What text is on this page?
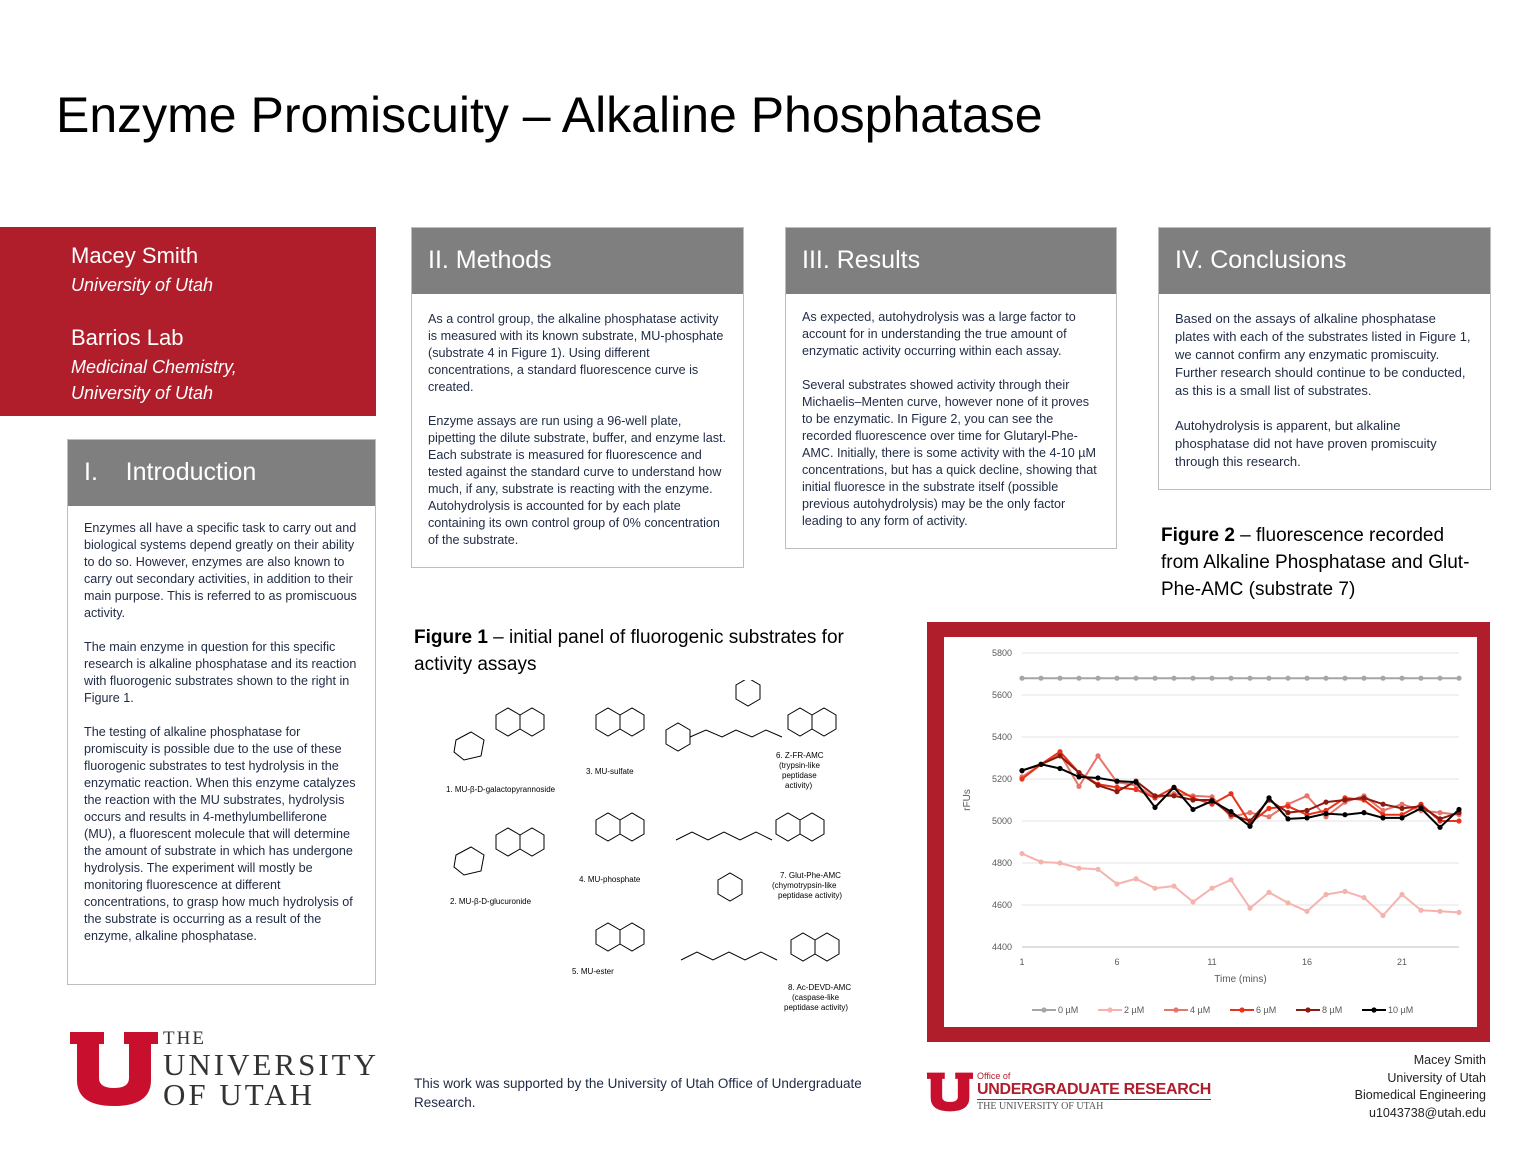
Enzyme Promiscuity – Alkaline Phosphatase
Macey Smith
University of Utah
Barrios Lab
Medicinal Chemistry,
University of Utah
I.    Introduction

Enzymes all have a specific task to carry out and biological systems depend greatly on their ability to do so. However, enzymes are also known to carry out secondary activities, in addition to their main purpose. This is referred to as promiscuous activity.

The main enzyme in question for this specific research is alkaline phosphatase and its reaction with fluorogenic substrates shown to the right in Figure 1.

The testing of alkaline phosphatase for promiscuity is possible due to the use of these fluorogenic substrates to test hydrolysis in the enzymatic reaction. When this enzyme catalyzes the reaction with the MU substrates, hydrolysis occurs and results in 4-methylumbelliferone (MU), a fluorescent molecule that will determine the amount of substrate in which has undergone hydrolysis. The experiment will mostly be monitoring fluorescence at different concentrations, to grasp how much hydrolysis of the substrate is occurring as a result of the enzyme, alkaline phosphatase.

II. Methods

As a control group, the alkaline phosphatase activity is measured with its known substrate, MU-phosphate (substrate 4 in Figure 1). Using different concentrations, a standard fluorescence curve is created.

Enzyme assays are run using a 96-well plate, pipetting the dilute substrate, buffer, and enzyme last. Each substrate is measured for fluorescence and tested against the standard curve to understand how much, if any, substrate is reacting with the enzyme. Autohydrolysis is accounted for by each plate containing its own control group of 0% concentration of the substrate.

III. Results

As expected, autohydrolysis was a large factor to account for in understanding the true amount of enzymatic activity occurring within each assay.

Several substrates showed activity through their Michaelis–Menten curve, however none of it proves to be enzymatic. In Figure 2, you can see the recorded fluorescence over time for Glutaryl-Phe-AMC. Initially, there is some activity with the 4-10 µM concentrations, but has a quick decline, showing that initial fluoresce in the substrate itself (possible previous autohydrolysis) may be the only factor leading to any form of activity.

IV. Conclusions

Based on the assays of alkaline phosphatase plates with each of the substrates listed in Figure 1, we cannot confirm any enzymatic promiscuity. Further research should continue to be conducted, as this is a small list of substrates.

Autohydrolysis is apparent, but alkaline phosphatase did not have proven promiscuity through this research.

Figure 1 – initial panel of fluorogenic substrates for activity assays
1. MU-β-D-galactopyrannoside
2. MU-β-D-glucuronide
3. MU-sulfate
4. MU-phosphate
5. MU-ester
6. Z-FR-AMC
(trypsin-like
peptidase
activity)
7. Glut-Phe-AMC
(chymotrypsin-like
peptidase activity)
8. Ac-DEVD-AMC
(caspase-like
peptidase activity)
Figure 2 – fluorescence recorded from Alkaline Phosphatase and Glut-Phe-AMC (substrate 7)
4400
4600
4800
5000
5200
5400
5600
5800
1	6	11	16	21
Time (mins)
rFUs
0 µM	2 µM	4 µM	6 µM	8 µM	10 µM
This work was supported by the University of Utah Office of Undergraduate Research.
Macey Smith
University of Utah
Biomedical Engineering
u1043738@utah.edu
THE
UNIVERSITY
OF UTAH
Office of
UNDERGRADUATE RESEARCH
THE UNIVERSITY OF UTAH
